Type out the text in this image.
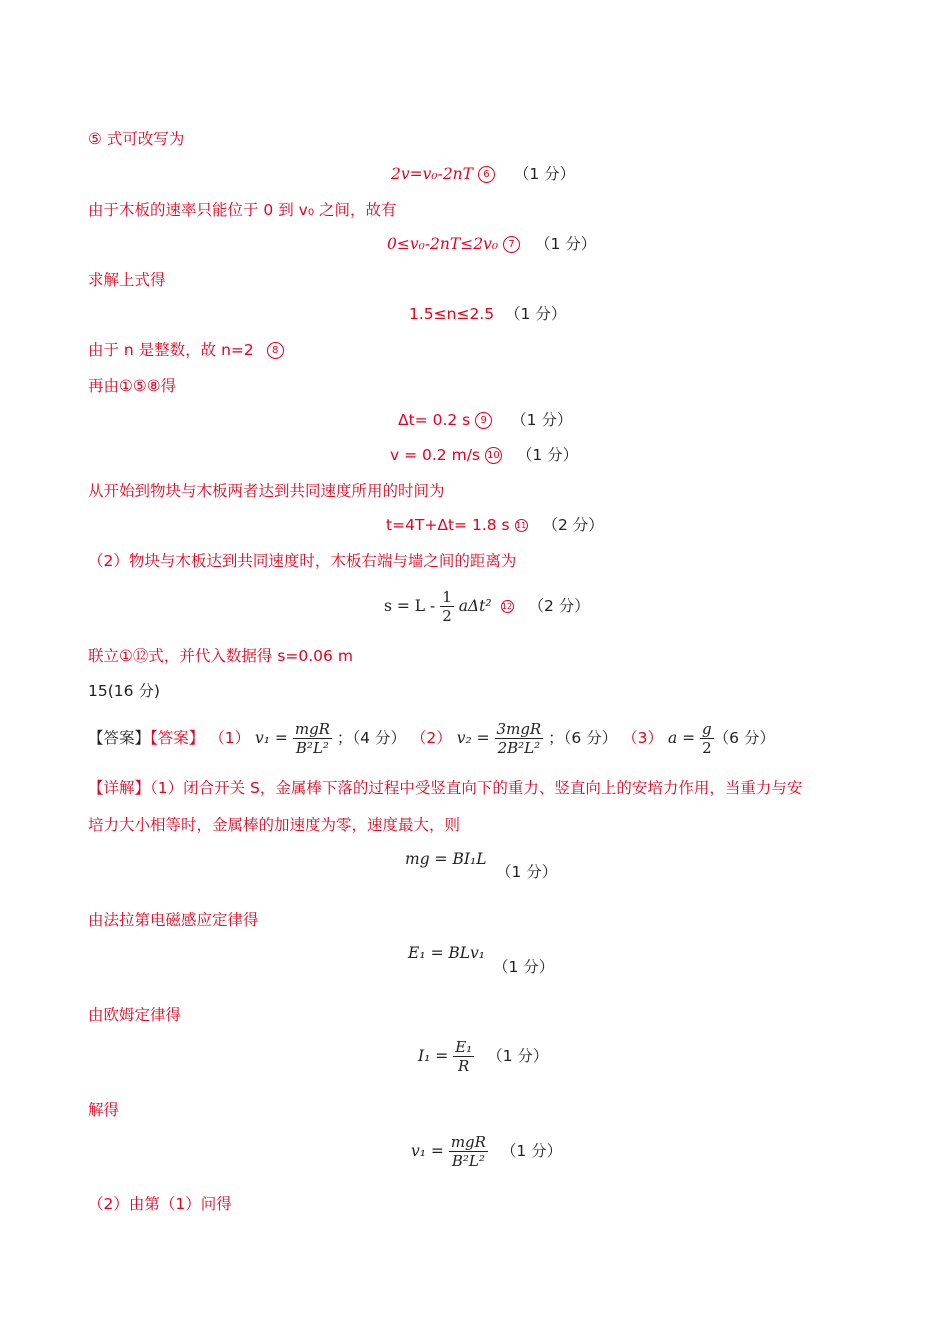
⑤ 式可改写为
2v=v₀-2nT 6 （1 分）
由于木板的速率只能位于 0 到 v₀ 之间，故有
0≤v₀-2nT≤2v₀ 7 （1 分）
求解上式得
1.5≤n≤2.5 （1 分）
由于 n 是整数，故 n=2 8
再由①⑤⑧得
Δt= 0.2 s 9 （1 分）
v = 0.2 m/s 10 （1 分）
从开始到物块与木板两者达到共同速度所用的时间为
t=4T+Δt= 1.8 s 11 （2 分）
（2）物块与木板达到共同速度时，木板右端与墙之间的距离为
$s = L - \frac{1}{2} a\Delta t^2$ 12 （2 分）
联立①⑫式，并代入数据得 s=0.06 m
15(16 分)
【答案】【答案】 （1） $v_1 = \frac{\text{mgR}}{\text{B²L²}}$ ；（4 分） （2） $v_2 = \frac{\text{3mgR}}{\text{2B²L²}}$ ；（6 分） （3） $a = \frac{g}{2} (6$ 分）
【详解】（1）闭合开关 S，金属棒下落的过程中受竖直向下的重力、竖直向上的安培力作用，当重力与安
培力大小相等时，金属棒的加速度为零，速度最大，则
mg = BI₁L
（1 分）
由法拉第电磁感应定律得
E₁ = BLv₁
（1 分）
由欧姆定律得
$I_1 = \frac{\text{E₁}}{R} (1$ 分）
解得
$v_1 = \frac{\text{mgR}}{\text{B²L²}} (1$ 分）
（2）由第（1）问得
